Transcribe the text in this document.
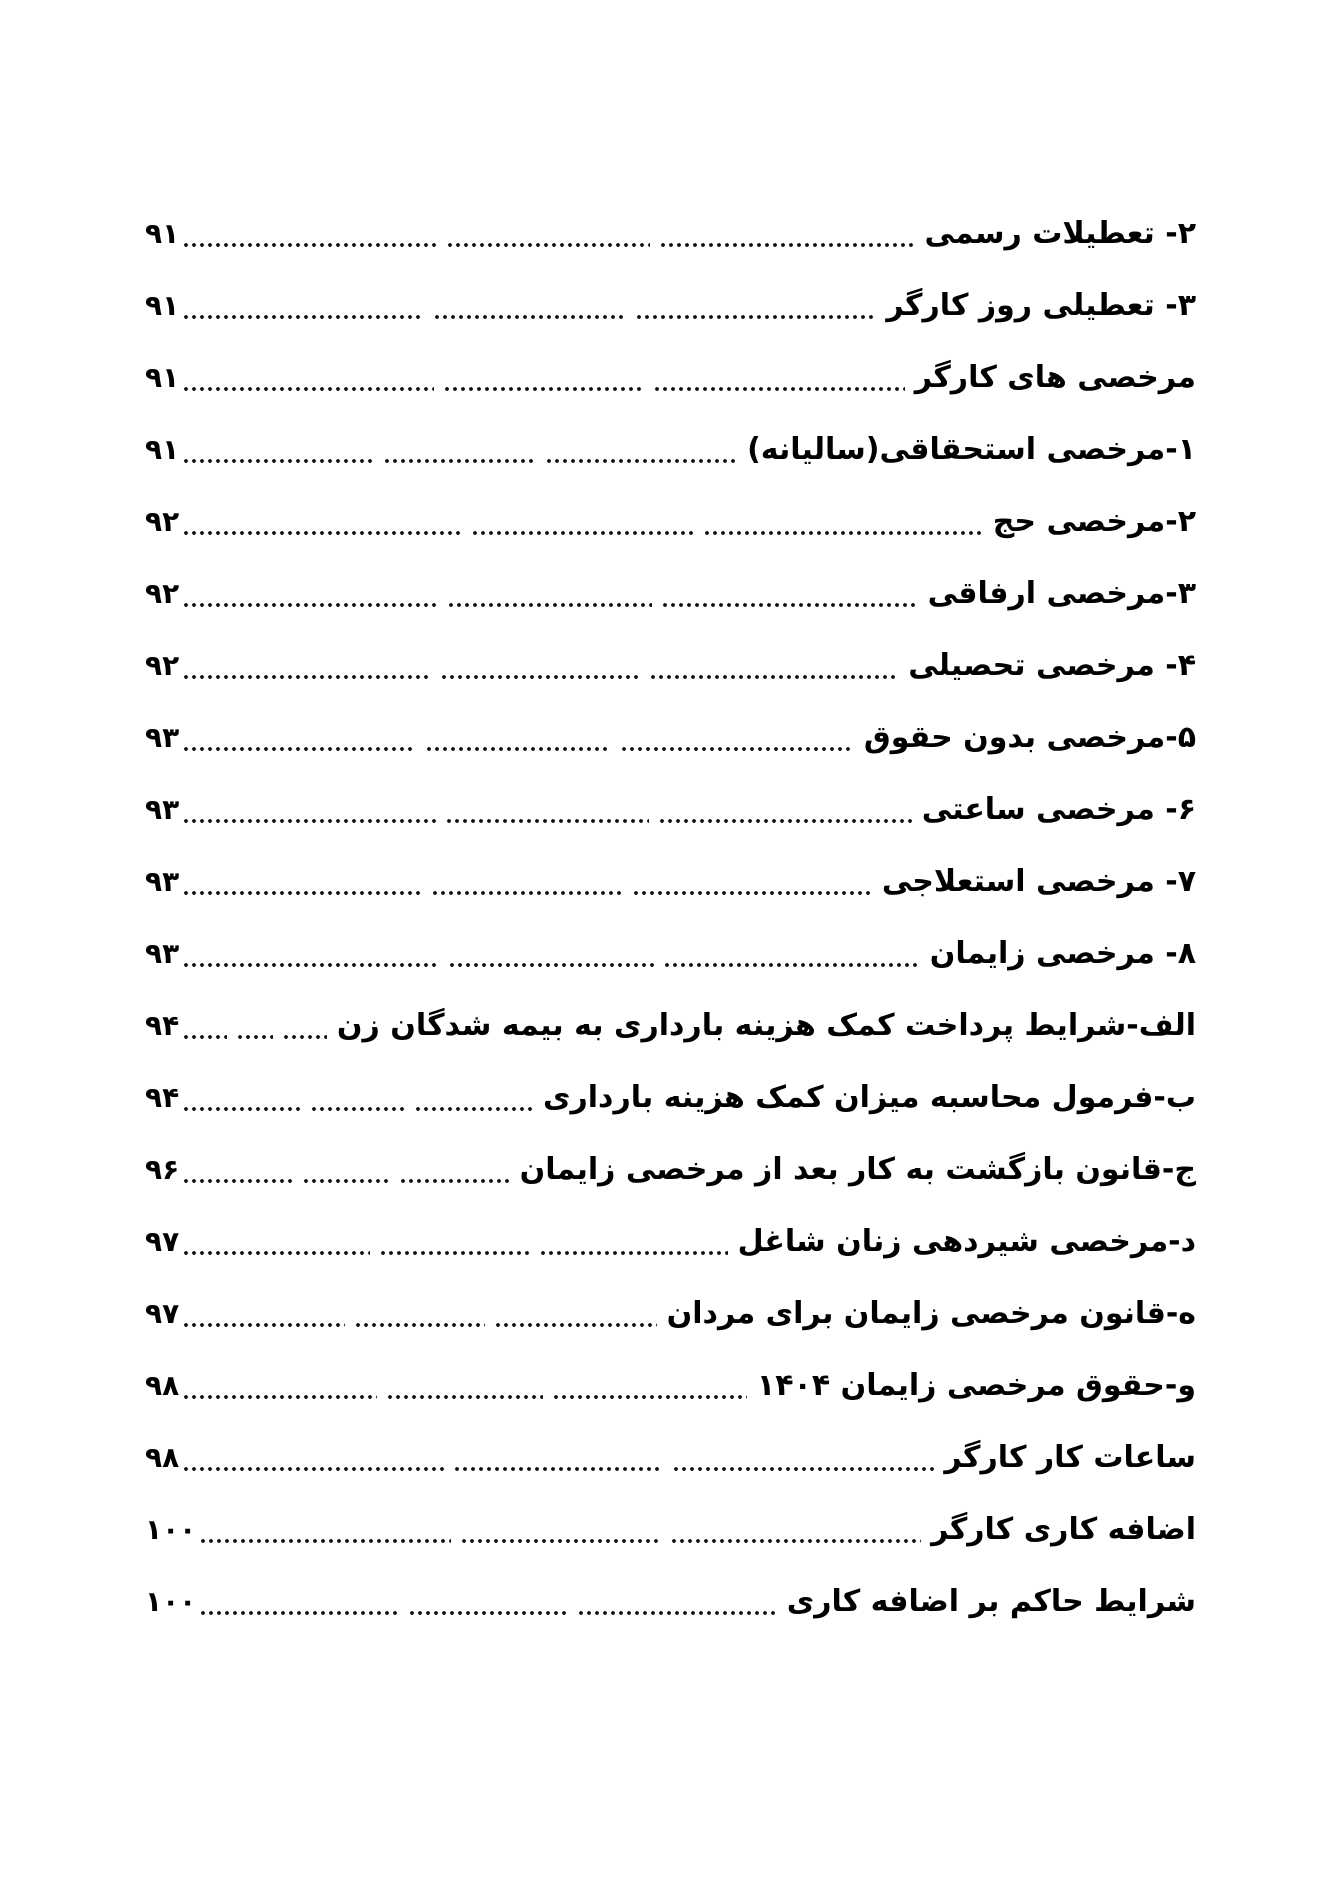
۲- تعطیلات رسمی
۹۱
۳- تعطیلی روز کارگر
۹۱
مرخصی های کارگر
۹۱
۱-مرخصی استحقاقی(سالیانه)
۹۱
۲-مرخصی حج
۹۲
۳-مرخصی ارفاقی
۹۲
۴- مرخصی تحصیلی
۹۲
۵-مرخصی بدون حقوق
۹۳
۶- مرخصی ساعتی
۹۳
۷- مرخصی استعلاجی
۹۳
۸- مرخصی زایمان
۹۳
الف-شرایط پرداخت کمک هزینه بارداری به بیمه شدگان زن
۹۴
ب-فرمول محاسبه میزان کمک هزینه بارداری
۹۴
ج-قانون بازگشت به کار بعد از مرخصی زایمان
۹۶
د-مرخصی شیردهی زنان شاغل
۹۷
ه-قانون مرخصی زایمان برای مردان
۹۷
و-حقوق مرخصی زایمان ۱۴۰۴
۹۸
ساعات کار کارگر
۹۸
اضافه کاری کارگر
۱۰۰
شرایط حاکم بر اضافه کاری
۱۰۰
